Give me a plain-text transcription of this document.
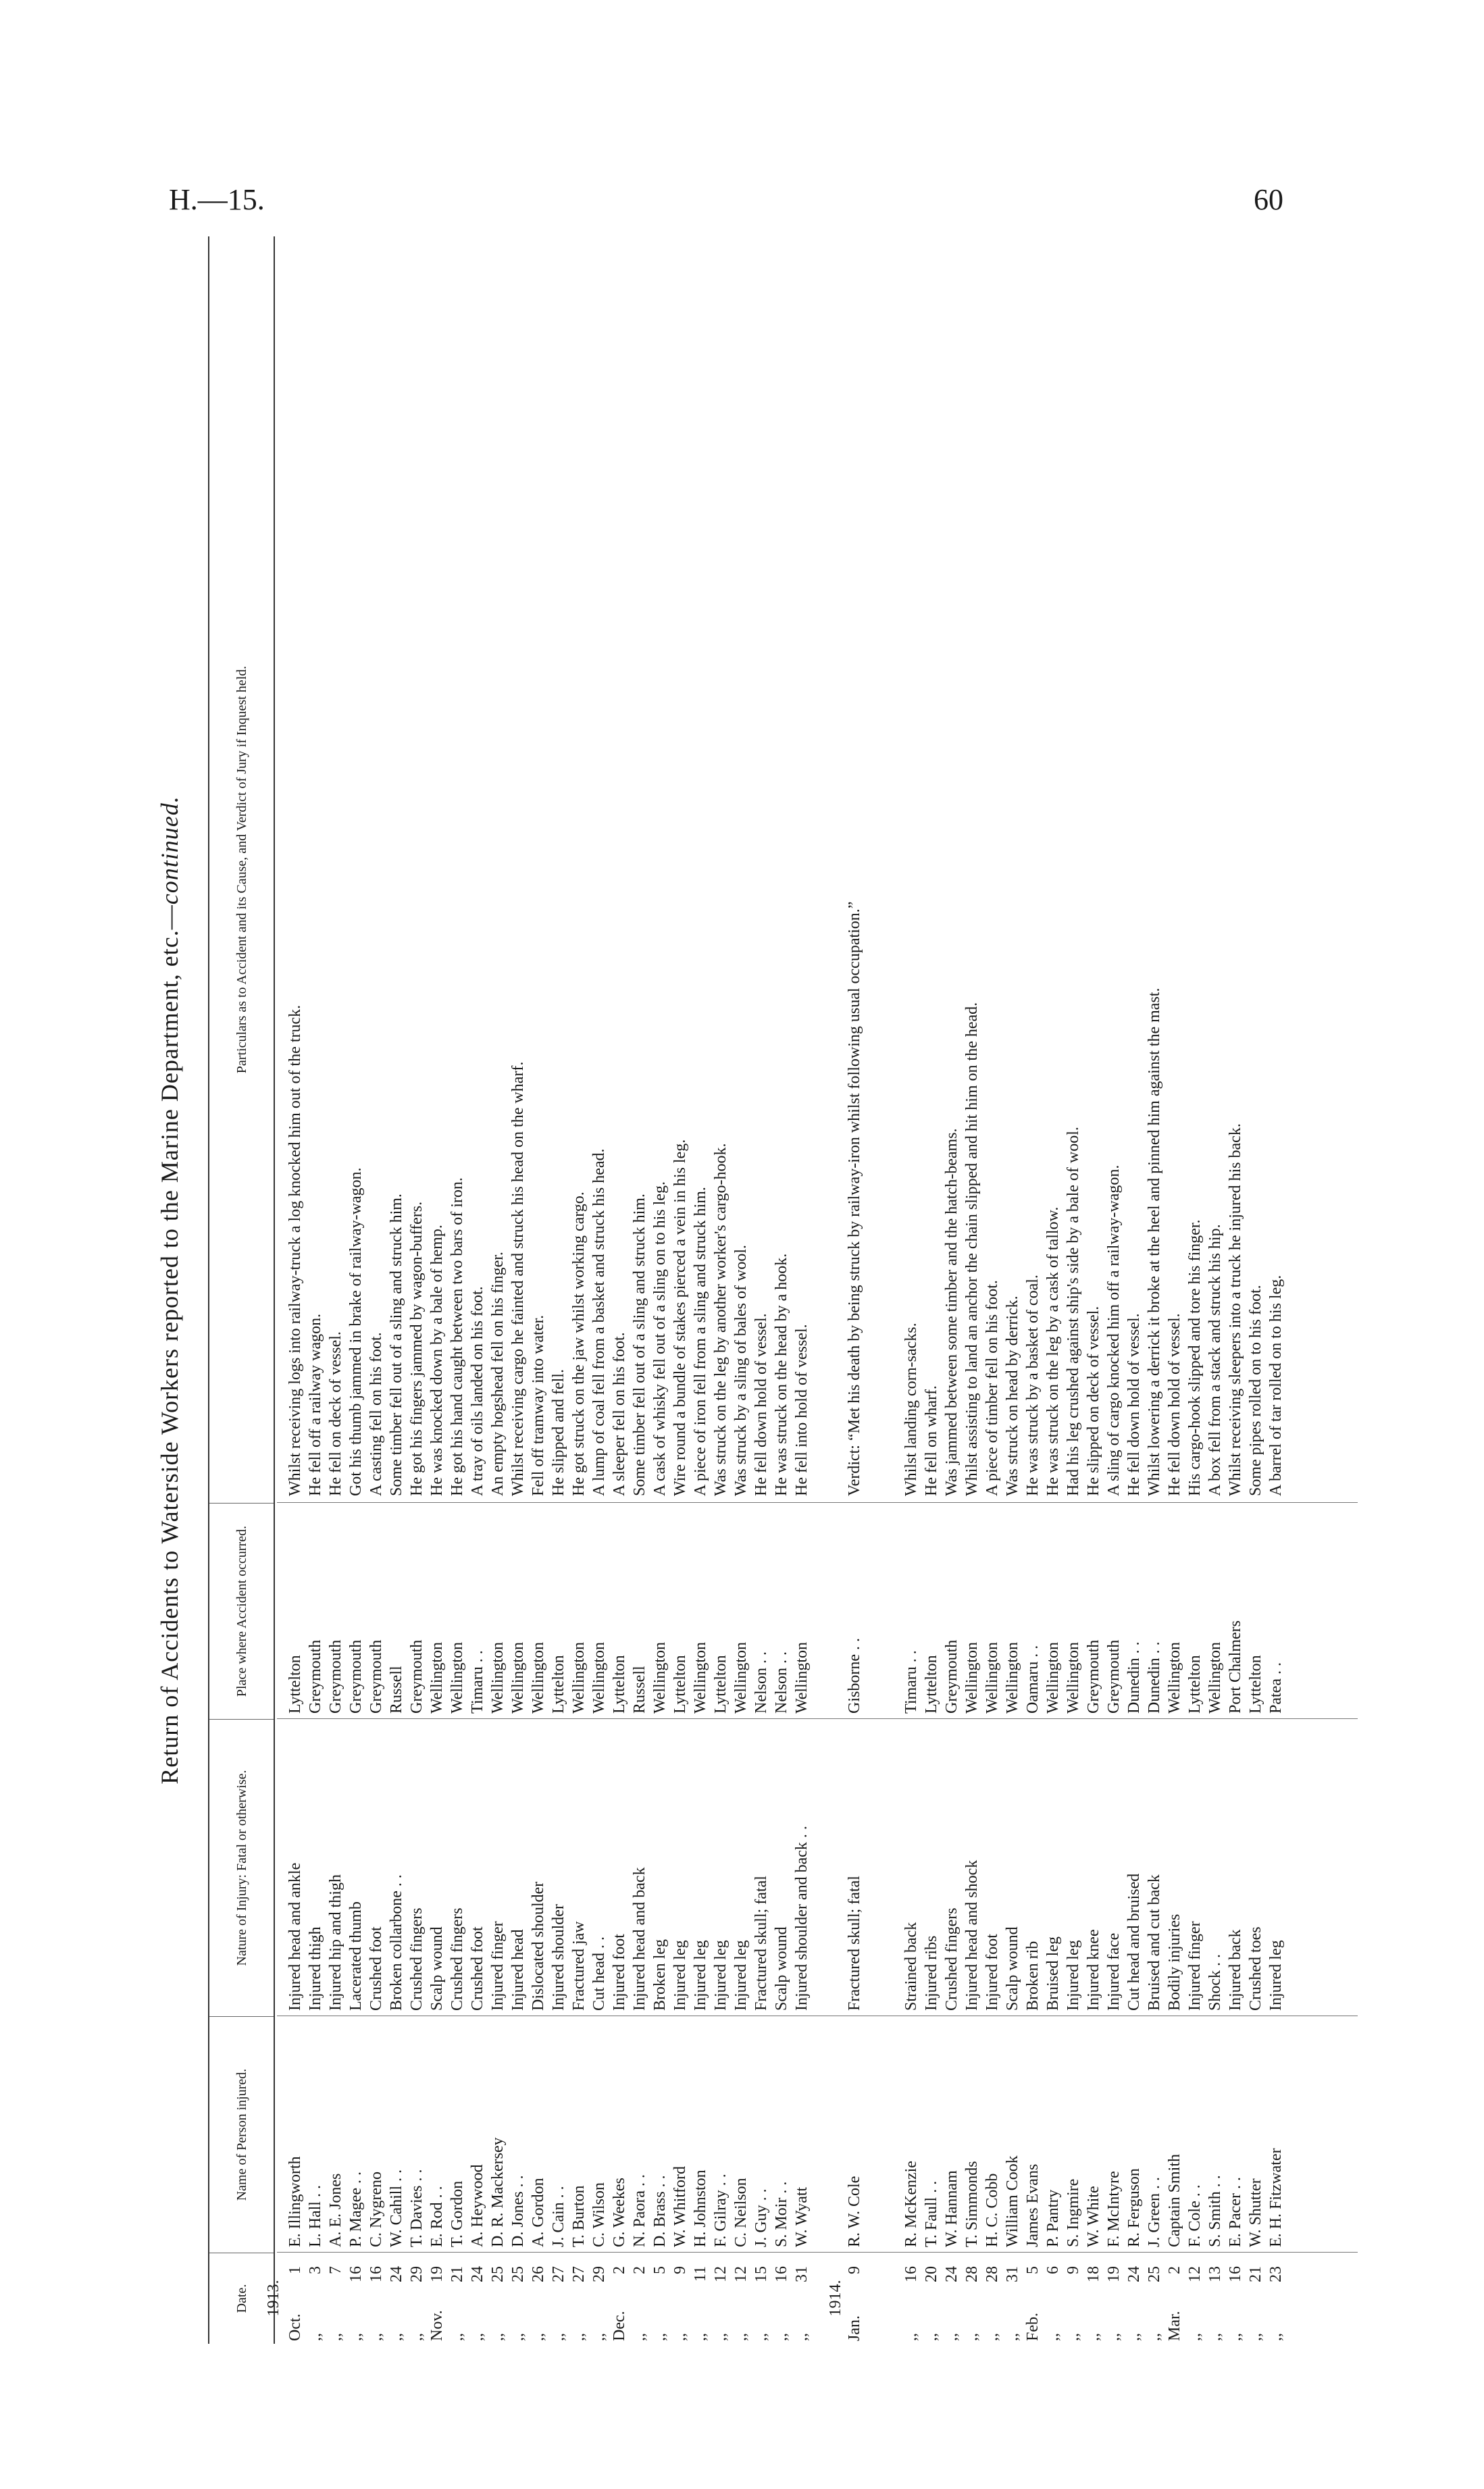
H.—15.	60
Return of Accidents to Waterside Workers reported to the Marine Department, etc.—continued.
Date.
Name of Person injured.
Nature of Injury: Fatal or otherwise.
Place where Accident occurred.
Particulars as to Accident and its Cause, and Verdict of Jury if Inquest held.
1913.
Oct.
1
E. Illingworth
Injured head and ankle
Lyttelton
Whilst receiving logs into railway-truck a log knocked him out of the truck.
,,
3
L. Hall . .
Injured thigh
Greymouth
He fell off a railway wagon.
,,
7
A. E. Jones
Injured hip and thigh
Greymouth
He fell on deck of vessel.
,,
16
P. Magee . .
Lacerated thumb
Greymouth
Got his thumb jammed in brake of railway-wagon.
,,
16
C. Nygreno
Crushed foot
Greymouth
A casting fell on his foot.
,,
24
W. Cahill . .
Broken collarbone . .
Russell
Some timber fell out of a sling and struck him.
,,
29
T. Davies . .
Crushed fingers
Greymouth
He got his fingers jammed by wagon-buffers.
Nov.
19
E. Rod . .
Scalp wound
Wellington
He was knocked down by a bale of hemp.
,,
21
T. Gordon
Crushed fingers
Wellington
He got his hand caught between two bars of iron.
,,
24
A. Heywood
Crushed foot
Timaru . .
A tray of oils landed on his foot.
,,
25
D. R. Mackersey
Injured finger
Wellington
An empty hogshead fell on his finger.
,,
25
D. Jones . .
Injured head
Wellington
Whilst receiving cargo he fainted and struck his head on the wharf.
,,
26
A. Gordon
Dislocated shoulder
Wellington
Fell off tramway into water.
,,
27
J. Cain . .
Injured shoulder
Lyttelton
He slipped and fell.
,,
27
T. Burton
Fractured jaw
Wellington
He got struck on the jaw whilst working cargo.
,,
29
C. Wilson
Cut head . .
Wellington
A lump of coal fell from a basket and struck his head.
Dec.
2
G. Weekes
Injured foot
Lyttelton
A sleeper fell on his foot.
,,
2
N. Paora . .
Injured head and back
Russell
Some timber fell out of a sling and struck him.
,,
5
D. Brass . .
Broken leg
Wellington
A cask of whisky fell out of a sling on to his leg.
,,
9
W. Whitford
Injured leg
Lyttelton
Wire round a bundle of stakes pierced a vein in his leg.
,,
11
H. Johnston
Injured leg
Wellington
A piece of iron fell from a sling and struck him.
,,
12
F. Gilray . .
Injured leg
Lyttelton
Was struck on the leg by another worker's cargo-hook.
,,
12
C. Neilson
Injured leg
Wellington
Was struck by a sling of bales of wool.
,,
15
J. Guy . .
Fractured skull; fatal
Nelson . .
He fell down hold of vessel.
,,
16
S. Moir . .
Scalp wound
Nelson . .
He was struck on the head by a hook.
,,
31
W. Wyatt
Injured shoulder and back . .
Wellington
He fell into hold of vessel.
1914.
Jan.
9
R. W. Cole
Fractured skull; fatal
Gisborne . .
Verdict: “Met his death by being struck by railway-iron whilst following usual occupation.”
,,
16
R. McKenzie
Strained back
Timaru . .
Whilst landing corn-sacks.
,,
20
T. Faull . .
Injured ribs
Lyttelton
He fell on wharf.
,,
24
W. Hannam
Crushed fingers
Greymouth
Was jammed between some timber and the hatch-beams.
,,
28
T. Simmonds
Injured head and shock
Wellington
Whilst assisting to land an anchor the chain slipped and hit him on the head.
,,
28
H. C. Cobb
Injured foot
Wellington
A piece of timber fell on his foot.
,,
31
William Cook
Scalp wound
Wellington
Was struck on head by derrick.
Feb.
5
James Evans
Broken rib
Oamaru . .
He was struck by a basket of coal.
,,
6
P. Pantry
Bruised leg
Wellington
He was struck on the leg by a cask of tallow.
,,
9
S. Ingmire
Injured leg
Wellington
Had his leg crushed against ship's side by a bale of wool.
,,
18
W. White
Injured knee
Greymouth
He slipped on deck of vessel.
,,
19
F. McIntyre
Injured face
Greymouth
A sling of cargo knocked him off a railway-wagon.
,,
24
R. Ferguson
Cut head and bruised
Dunedin . .
He fell down hold of vessel.
,,
25
J. Green . .
Bruised and cut back
Dunedin . .
Whilst lowering a derrick it broke at the heel and pinned him against the mast.
Mar.
2
Captain Smith
Bodily injuries
Wellington
He fell down hold of vessel.
,,
12
F. Cole . .
Injured finger
Lyttelton
His cargo-hook slipped and tore his finger.
,,
13
S. Smith . .
Shock . .
Wellington
A box fell from a stack and struck his hip.
,,
16
E. Pacer . .
Injured back
Port Chalmers
Whilst receiving sleepers into a truck he injured his back.
,,
21
W. Shutter
Crushed toes
Lyttelton
Some pipes rolled on to his foot.
,,
23
E. H. Fitzwater
Injured leg
Patea . .
A barrel of tar rolled on to his leg.
